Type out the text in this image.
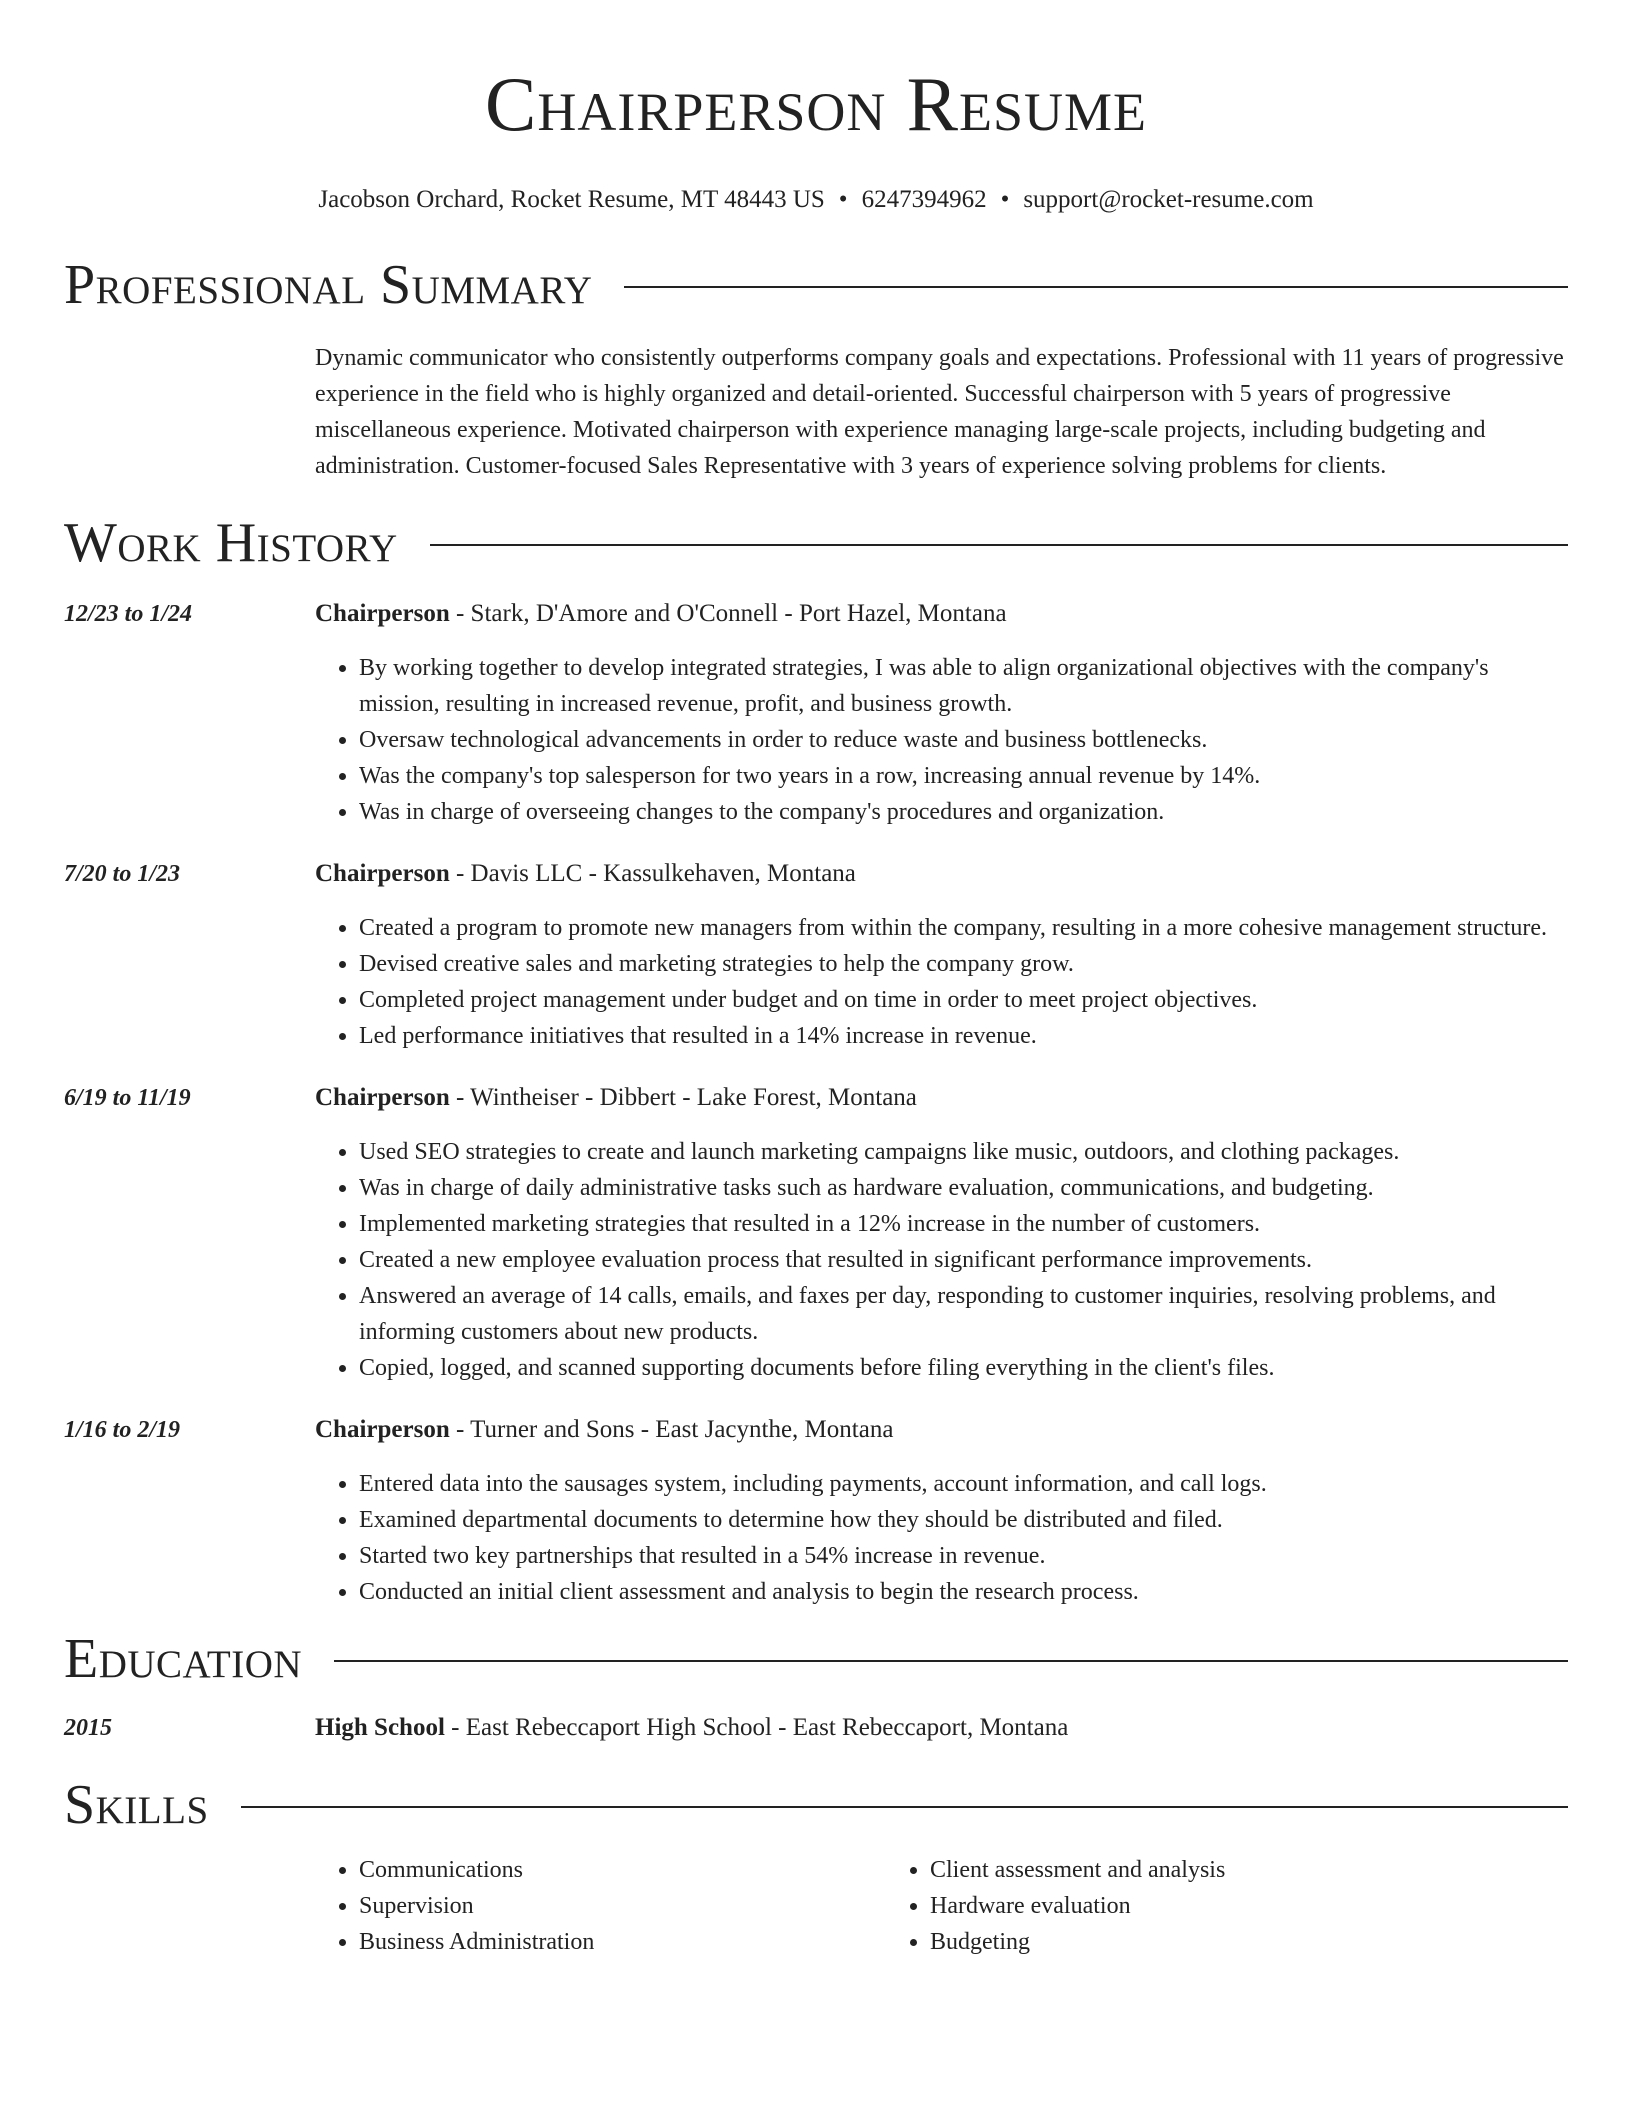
Chairperson Resume
Jacobson Orchard, Rocket Resume, MT 48443 US • 6247394962 • support@rocket-resume.com
Professional Summary
Dynamic communicator who consistently outperforms company goals and expectations. Professional with 11 years of progressive experience in the field who is highly organized and detail-oriented. Successful chairperson with 5 years of progressive miscellaneous experience. Motivated chairperson with experience managing large-scale projects, including budgeting and administration. Customer-focused Sales Representative with 3 years of experience solving problems for clients.
Work History
12/23 to 1/24	Chairperson - Stark, D'Amore and O'Connell - Port Hazel, Montana
• By working together to develop integrated strategies, I was able to align organizational objectives with the company's mission, resulting in increased revenue, profit, and business growth.
• Oversaw technological advancements in order to reduce waste and business bottlenecks.
• Was the company's top salesperson for two years in a row, increasing annual revenue by 14%.
• Was in charge of overseeing changes to the company's procedures and organization.
7/20 to 1/23	Chairperson - Davis LLC - Kassulkehaven, Montana
• Created a program to promote new managers from within the company, resulting in a more cohesive management structure.
• Devised creative sales and marketing strategies to help the company grow.
• Completed project management under budget and on time in order to meet project objectives.
• Led performance initiatives that resulted in a 14% increase in revenue.
6/19 to 11/19	Chairperson - Wintheiser - Dibbert - Lake Forest, Montana
• Used SEO strategies to create and launch marketing campaigns like music, outdoors, and clothing packages.
• Was in charge of daily administrative tasks such as hardware evaluation, communications, and budgeting.
• Implemented marketing strategies that resulted in a 12% increase in the number of customers.
• Created a new employee evaluation process that resulted in significant performance improvements.
• Answered an average of 14 calls, emails, and faxes per day, responding to customer inquiries, resolving problems, and informing customers about new products.
• Copied, logged, and scanned supporting documents before filing everything in the client's files.
1/16 to 2/19	Chairperson - Turner and Sons - East Jacynthe, Montana
• Entered data into the sausages system, including payments, account information, and call logs.
• Examined departmental documents to determine how they should be distributed and filed.
• Started two key partnerships that resulted in a 54% increase in revenue.
• Conducted an initial client assessment and analysis to begin the research process.
Education
2015	High School - East Rebeccaport High School - East Rebeccaport, Montana
Skills
• Communications
• Supervision
• Business Administration
• Client assessment and analysis
• Hardware evaluation
• Budgeting
